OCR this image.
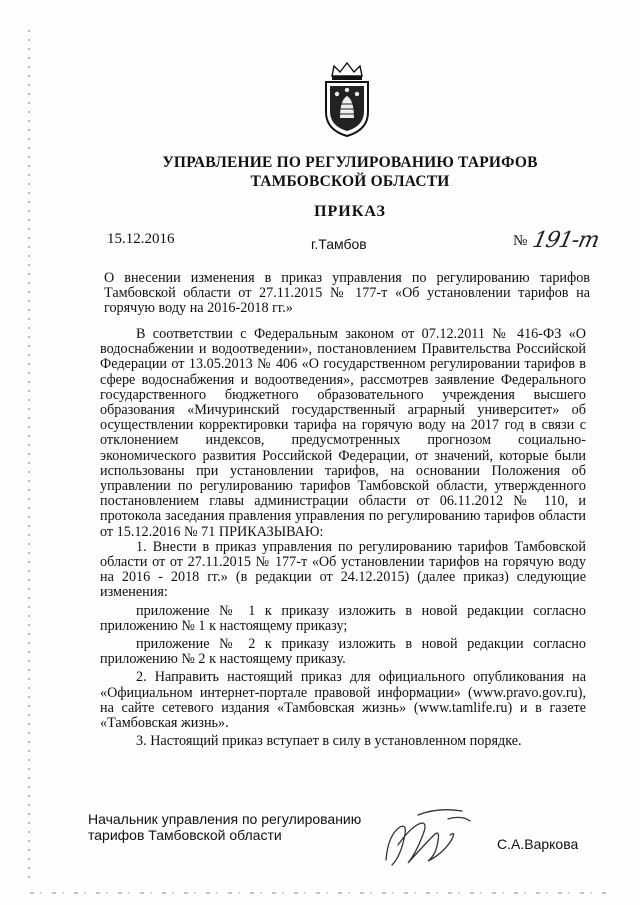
УПРАВЛЕНИЕ ПО РЕГУЛИРОВАНИЮ ТАРИФОВ
ТАМБОВСКОЙ ОБЛАСТИ
ПРИКАЗ
15.12.2016	г.Тамбов	№ 191-т
О внесении изменения в приказ управления по регулированию тарифов Тамбовской области от 27.11.2015 № 177-т «Об установлении тарифов на горячую воду на 2016-2018 гг.»

В соответствии с Федеральным законом от 07.12.2011 № 416-ФЗ «О водоснабжении и водоотведении», постановлением Правительства Российской Федерации от 13.05.2013 № 406 «О государственном регулировании тарифов в сфере водоснабжения и водоотведения», рассмотрев заявление Федерального государственного бюджетного образовательного учреждения высшего образования «Мичуринский государственный аграрный университет» об осуществлении корректировки тарифа на горячую воду на 2017 год в связи с отклонением индексов, предусмотренных прогнозом социально-экономического развития Российской Федерации, от значений, которые были использованы при установлении тарифов, на основании Положения об управлении по регулированию тарифов Тамбовской области, утвержденного постановлением главы администрации области от 06.11.2012 № 110, и протокола заседания правления управления по регулированию тарифов области от 15.12.2016 № 71 ПРИКАЗЫВАЮ:

1. Внести в приказ управления по регулированию тарифов Тамбовской области от от 27.11.2015 № 177-т «Об установлении тарифов на горячую воду на 2016 - 2018 гг.» (в редакции от 24.12.2015) (далее приказ) следующие изменения:

приложение № 1 к приказу изложить в новой редакции согласно приложению № 1 к настоящему приказу;

приложение № 2 к приказу изложить в новой редакции согласно приложению № 2 к настоящему приказу.

2. Направить настоящий приказ для официального опубликования на «Официальном интернет-портале правовой информации» (www.pravo.gov.ru), на сайте сетевого издания «Тамбовская жизнь» (www.tamlife.ru) и в газете «Тамбовская жизнь».

3. Настоящий приказ вступает в силу в установленном порядке.

Начальник управления по регулированию
тарифов Тамбовской области
С.А.Варкова
